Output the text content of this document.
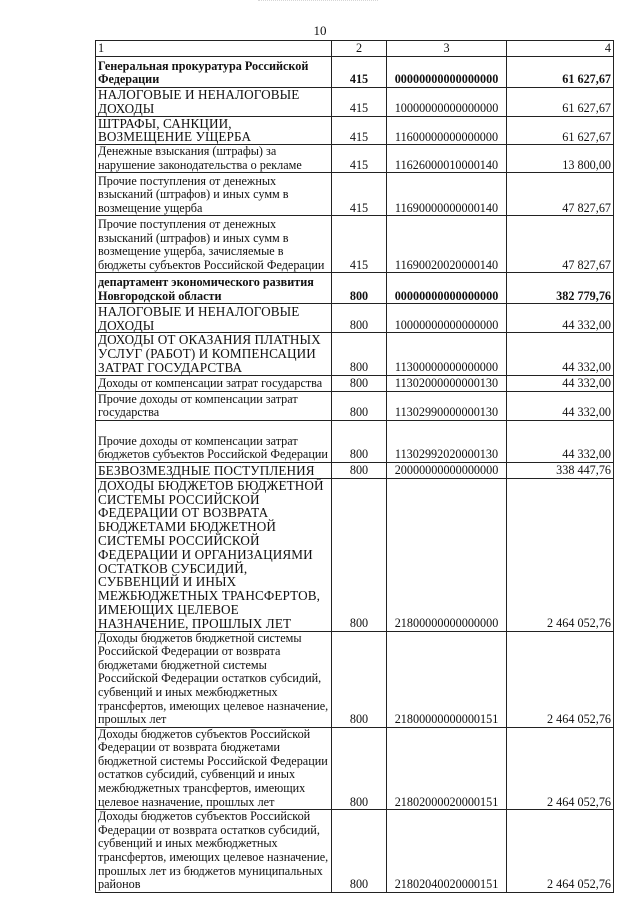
10
1	2	3	4
Генеральная прокуратура Российской Федерации	415	00000000000000000	61 627,67
НАЛОГОВЫЕ И НЕНАЛОГОВЫЕ ДОХОДЫ	415	10000000000000000	61 627,67
ШТРАФЫ, САНКЦИИ, ВОЗМЕЩЕНИЕ УЩЕРБА	415	11600000000000000	61 627,67
Денежные взыскания (штрафы) за нарушение законодательства о рекламе	415	11626000010000140	13 800,00
Прочие поступления от денежных взысканий (штрафов) и иных сумм в возмещение ущерба	415	11690000000000140	47 827,67
Прочие поступления от денежных взысканий (штрафов) и иных сумм в возмещение ущерба, зачисляемые в бюджеты субъектов Российской Федерации	415	11690020020000140	47 827,67
департамент экономического развития Новгородской области	800	00000000000000000	382 779,76
НАЛОГОВЫЕ И НЕНАЛОГОВЫЕ ДОХОДЫ	800	10000000000000000	44 332,00
ДОХОДЫ ОТ ОКАЗАНИЯ ПЛАТНЫХ УСЛУГ (РАБОТ) И КОМПЕНСАЦИИ ЗАТРАТ ГОСУДАРСТВА	800	11300000000000000	44 332,00
Доходы от компенсации затрат государства	800	11302000000000130	44 332,00
Прочие доходы от компенсации затрат государства	800	11302990000000130	44 332,00
Прочие доходы от компенсации затрат бюджетов субъектов Российской Федерации	800	11302992020000130	44 332,00
БЕЗВОЗМЕЗДНЫЕ ПОСТУПЛЕНИЯ	800	20000000000000000	338 447,76
ДОХОДЫ БЮДЖЕТОВ БЮДЖЕТНОЙ СИСТЕМЫ РОССИЙСКОЙ ФЕДЕРАЦИИ ОТ ВОЗВРАТА БЮДЖЕТАМИ БЮДЖЕТНОЙ СИСТЕМЫ РОССИЙСКОЙ ФЕДЕРАЦИИ И ОРГАНИЗАЦИЯМИ ОСТАТКОВ СУБСИДИЙ, СУБВЕНЦИЙ И ИНЫХ МЕЖБЮДЖЕТНЫХ ТРАНСФЕРТОВ, ИМЕЮЩИХ ЦЕЛЕВОЕ НАЗНАЧЕНИЕ, ПРОШЛЫХ ЛЕТ	800	21800000000000000	2 464 052,76
Доходы бюджетов бюджетной системы Российской Федерации от возврата бюджетами бюджетной системы Российской Федерации остатков субсидий, субвенций и иных межбюджетных трансфертов, имеющих целевое назначение, прошлых лет	800	21800000000000151	2 464 052,76
Доходы бюджетов субъектов Российской Федерации от возврата бюджетами бюджетной системы Российской Федерации остатков субсидий, субвенций и иных межбюджетных трансфертов, имеющих целевое назначение, прошлых лет	800	21802000020000151	2 464 052,76
Доходы бюджетов субъектов Российской Федерации от возврата остатков субсидий, субвенций и иных межбюджетных трансфертов, имеющих целевое назначение, прошлых лет из бюджетов муниципальных районов	800	21802040020000151	2 464 052,76
